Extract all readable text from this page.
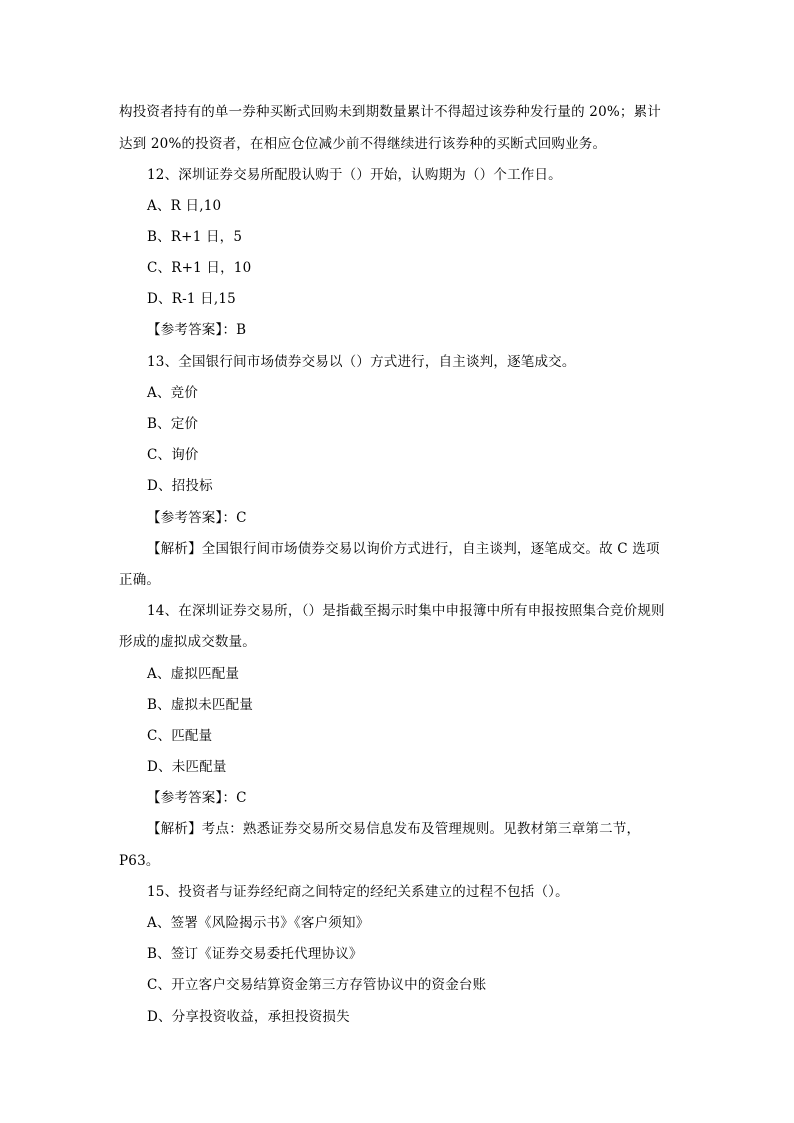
构投资者持有的单一券种买断式回购未到期数量累计不得超过该券种发行量的 20%；累计
达到 20%的投资者，在相应仓位减少前不得继续进行该券种的买断式回购业务。
12、深圳证券交易所配股认购于（）开始，认购期为（）个工作日。
A、R 日,10
B、R+1 日，5
C、R+1 日，10
D、R-1 日,15
【参考答案】：B
13、全国银行间市场债券交易以（）方式进行，自主谈判，逐笔成交。
A、竞价
B、定价
C、询价
D、招投标
【参考答案】：C
【解析】全国银行间市场债券交易以询价方式进行，自主谈判，逐笔成交。故 C 选项
正确。
14、在深圳证券交易所，（）是指截至揭示时集中申报簿中所有申报按照集合竞价规则
形成的虚拟成交数量。
A、虚拟匹配量
B、虚拟未匹配量
C、匹配量
D、未匹配量
【参考答案】：C
【解析】考点：熟悉证券交易所交易信息发布及管理规则。见教材第三章第二节，
P63。
15、投资者与证券经纪商之间特定的经纪关系建立的过程不包括（）。
A、签署《风险揭示书》《客户须知》
B、签订《证券交易委托代理协议》
C、开立客户交易结算资金第三方存管协议中的资金台账
D、分享投资收益，承担投资损失
